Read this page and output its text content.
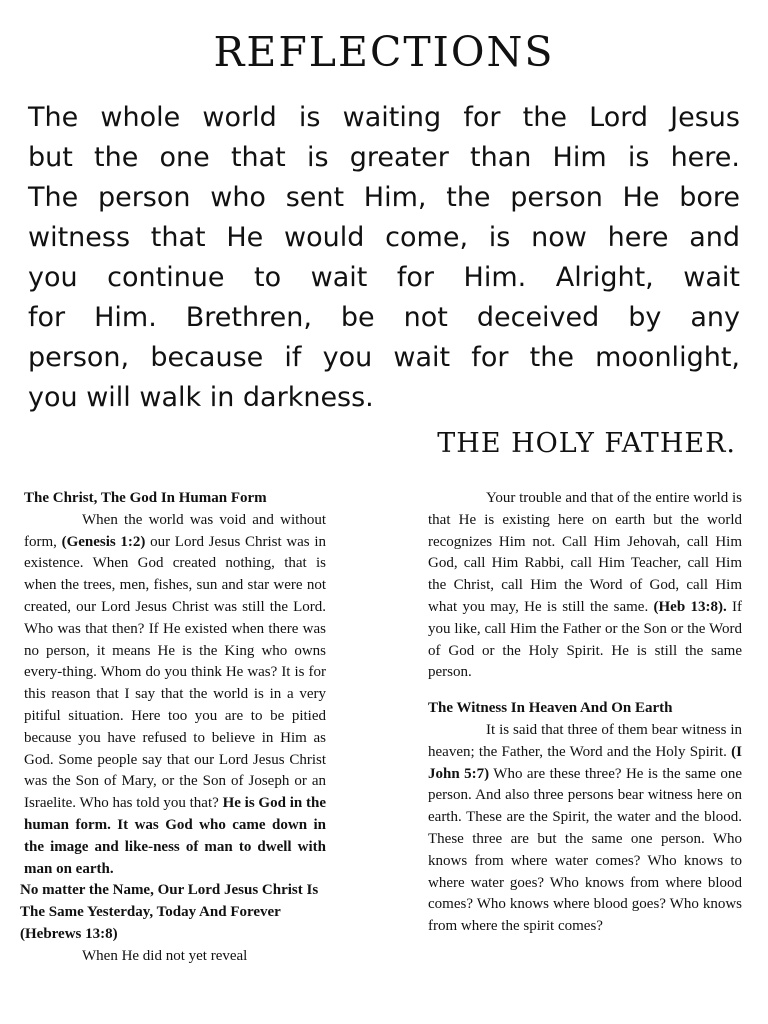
REFLECTIONS
The whole world is waiting for the Lord Jesus
but the one that is greater than Him is here.
The person who sent Him, the person He bore
witness that He would come, is now here and
you continue to wait for Him. Alright, wait
for Him. Brethren, be not deceived by any
person, because if you wait for the moonlight,
you will walk in darkness.

THE HOLY FATHER.

The Christ, The God In Human Form

When the world was void and without form, (Genesis 1:2) our Lord Jesus Christ was in existence. When God created nothing, that is when the trees, men, fishes, sun and star were not created, our Lord Jesus Christ was still the Lord. Who was that then? If He existed when there was no person, it means He is the King who owns every-thing. Whom do you think He was? It is for this reason that I say that the world is in a very pitiful situation. Here too you are to be pitied because you have refused to believe in Him as God. Some people say that our Lord Jesus Christ was the Son of Mary, or the Son of Joseph or an Israelite. Who has told you that? He is God in the human form. It was God who came down in the image and like-ness of man to dwell with man on earth.

No matter the Name, Our Lord Jesus Christ Is The Same Yesterday, Today And Forever (Hebrews 13:8)

When He did not yet reveal

Your trouble and that of the entire world is that He is existing here on earth but the world recognizes Him not. Call Him Jehovah, call Him God, call Him Rabbi, call Him Teacher, call Him the Christ, call Him the Word of God, call Him what you may, He is still the same. (Heb 13:8). If you like, call Him the Father or the Son or the Word of God or the Holy Spirit. He is still the same person.

The Witness In Heaven And On Earth

It is said that three of them bear witness in heaven; the Father, the Word and the Holy Spirit. (I John 5:7) Who are these three? He is the same one person. And also three persons bear witness here on earth. These are the Spirit, the water and the blood. These three are but the same one person. Who knows from where water comes? Who knows to where water goes? Who knows from where blood comes? Who knows where blood goes? Who knows from where the spirit comes?
